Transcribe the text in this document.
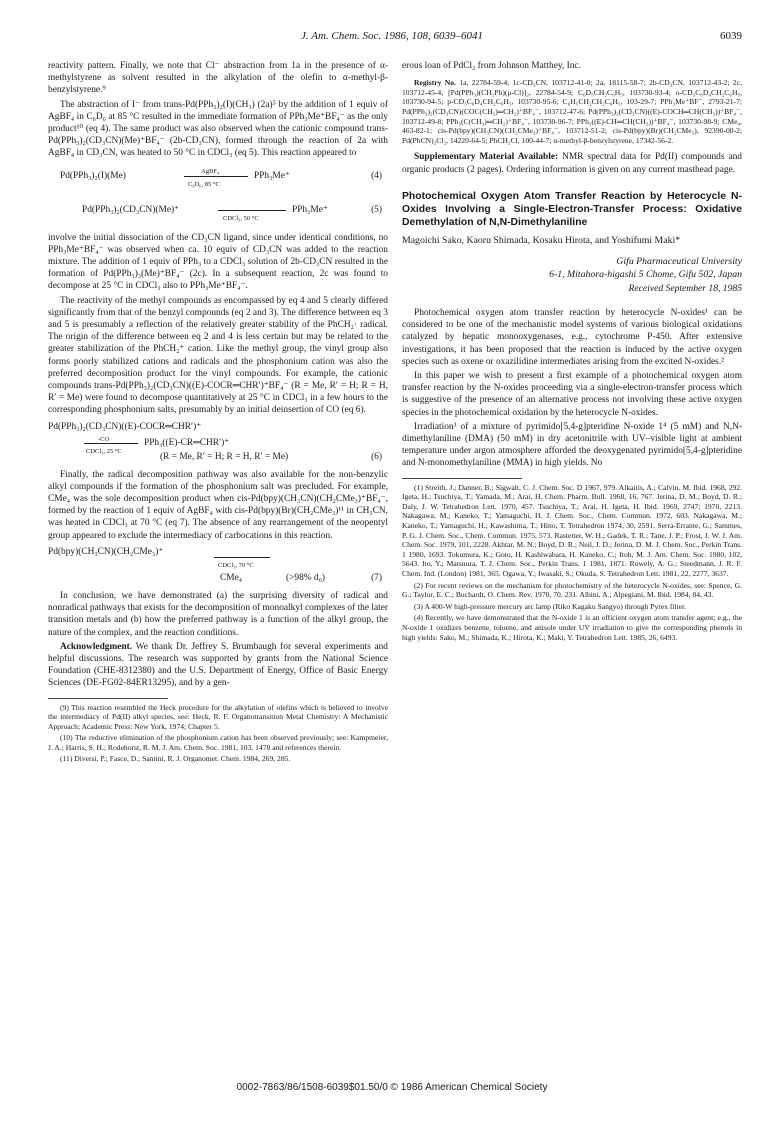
J. Am. Chem. Soc. 1986, 108, 6039–6041	6039

reactivity pattern. Finally, we note that Cl⁻ abstraction from 1a in the presence of α-methylstyrene as solvent resulted in the alkylation of the olefin to α-methyl-β-benzylstyrene.⁹

The abstraction of I⁻ from trans-Pd(PPh₃)₂(I)(CH₃) (2a)⁵ by the addition of 1 equiv of AgBF₄ in C₆D₆ at 85 °C resulted in the immediate formation of PPh₃Me⁺BF₄⁻ as the only product¹⁰ (eq 4). The same product was also observed when the cationic compound trans-Pd(PPh₃)₂(CD₃CN)(Me)⁺BF₄⁻ (2b-CD₃CN), formed through the reaction of 2a with AgBF₄ in CD₃CN, was heated to 50 °C in CDCl₃ (eq 5). This reaction appeared to

Pd(PPh₃)₂(I)(Me)	AgBF₄
C₆D₆, 85 °C
PPh₃Me⁺	(4)
Pd(PPh₃)₂(CD₃CN)(Me)⁺
CDCl₃, 50 °C
PPh₃Me⁺	(5)

involve the initial dissociation of the CD₃CN ligand, since under identical conditions, no PPh₃Me⁺BF₄⁻ was observed when ca. 10 equiv of CD₃CN was added to the reaction mixture. The addition of 1 equiv of PPh₃ to a CDCl₃ solution of 2b-CD₃CN resulted in the formation of Pd(PPh₃)₃(Me)⁺BF₄⁻ (2c). In a subsequent reaction, 2c was found to decompose at 25 °C in CDCl₃ also to PPh₃Me⁺BF₄⁻.

The reactivity of the methyl compounds as encompassed by eq 4 and 5 clearly differed significantly from that of the benzyl compounds (eq 2 and 3). The difference between eq 3 and 5 is presumably a reflection of the relatively greater stability of the PhCH₂· radical. The origin of the difference between eq 2 and 4 is less certain but may be related to the greater stabilization of the PhCH₂⁺ cation. Like the methyl group, the vinyl group also forms poorly stabilized cations and radicals and the phosphonium cation was also the preferred decomposition product for the vinyl compounds. For example, the cationic compounds trans-Pd(PPh₃)₂(CD₃CN)((E)-COCR═CHR′)⁺BF₄⁻ (R = Me, R′ = H; R = H, R′ = Me) were found to decompose quantitatively at 25 °C in CDCl₃ in a few hours to the corresponding phosphonium salts, presumably by an initial deinsertion of CO (eq 6).

Pd(PPh₃)₂(CD₃CN)((E)-COCR═CHR′)⁺
-CO
CDCl₃, 25 °C
PPh₃((E)-CR═CHR′)⁺
(R = Me, R′ = H; R = H, R′ = Me)	(6)

Finally, the radical decomposition pathway was also available for the non-benzylic alkyl compounds if the formation of the phosphonium salt was precluded. For example, CMe₄ was the sole decomposition product when cis-Pd(bpy)(CH₃CN)(CH₂CMe₃)⁺BF₄⁻, formed by the reaction of 1 equiv of AgBF₄ with cis-Pd(bpy)(Br)(CH₂CMe₃)¹¹ in CH₃CN, was heated in CDCl₃ at 70 °C (eq 7). The absence of any rearrangement of the neopentyl group appeared to exclude the intermediacy of carbocations in this reaction.

Pd(bpy)(CH₃CN)(CH₂CMe₃)⁺
CDCl₃, 70 °C
CMe₄	(>98% d₀)	(7)

In conclusion, we have demonstrated (a) the surprising diversity of radical and nonradical pathways that exists for the decomposition of monoalkyl complexes of the later transition metals and (b) how the preferred pathway is a function of the alkyl group, the nature of the complex, and the reaction conditions.

Acknowledgment. We thank Dr. Jeffrey S. Brumbaugh for several experiments and helpful discussions. The research was supported by grants from the National Science Foundation (CHE-8312380) and the U.S. Department of Energy, Office of Basic Energy Sciences (DE-FG02-84ER13295), and by a gen-

(9) This reaction resembled the Heck procedure for the alkylation of olefins which is believed to involve the intermediacy of Pd(II) alkyl species, see: Heck, R. F. Organotransition Metal Chemistry: A Mechanistic Approach; Academic Press: New York, 1974; Chapter 5.

(10) The reductive elimination of the phosphonium cation has been observed previously; see: Kampmeier, J. A.; Harris, S. H.; Rodehorst, R. M. J. Am. Chem. Soc. 1981, 103, 1478 and references therein.

(11) Diversi, P.; Fasce, D.; Santini, R. J. Organomet. Chem. 1984, 269, 285.

erous loan of PdCl₂ from Johnson Matthey, Inc.

Registry No. 1a, 22784-59-4; 1c-CD₃CN, 103712-41-0; 2a, 18115-58-7; 2b-CD₃CN, 103712-43-2; 2c, 103712-45-4; [Pd(PPh₃)(CH₂Ph)(μ-Cl)]₂, 22784-54-9; C₆D₅CH₂C₆H₅, 103730-93-4; o-CD₃C₆D₄CH₂C₆H₅, 103730-94-5; p-CD₃C₆D₄CH₂C₆H₅, 103730-95-6; C₆H₅CH₂CH₂C₆H₅, 103-29-7; PPh₃Me⁺BF⁻, 2793-21-7; Pd(PPh₃)₂(CD₃CN)(COC(CH₃)═CH₂)⁺BF₄⁻, 103712-47-6; Pd(PPh₃)₂(CD₃CN)((E)-COCH═CH(CH₃))⁺BF₄⁻, 103712-49-8; PPh₃(C(CH₃)═CH₂)⁺BF₄⁻, 103730-96-7; PPh₃((E)-CH═CH(CH₃))⁺BF₄⁻, 103730-98-9; CMe₄, 463-82-1; cis-Pd(bpy)(CH₃CN)(CH₂CMe₃)⁺BF₄⁻, 103712-51-2; cis-Pd(bpy)(Br)(CH₂CMe₃), 92390-00-2; Pd(PhCN)₂Cl₂, 14220-64-5; PhCH₂Cl, 100-44-7; α-methyl-β-benzylstyrene, 17342-56-2.

Supplementary Material Available: NMR spectral data for Pd(II) compounds and organic products (2 pages). Ordering information is given on any current masthead page.

Photochemical Oxygen Atom Transfer Reaction by Heterocycle N-Oxides Involving a Single-Electron-Transfer Process: Oxidative Demethylation of N,N-Dimethylaniline
Magoichi Sako, Kaoru Shimada, Kosaku Hirota, and Yoshifumi Maki*
Gifu Pharmaceutical University
6-1, Mitahora-higashi 5 Chome, Gifu 502, Japan
Received September 18, 1985

Photochemical oxygen atom transfer reaction by heterocycle N-oxides¹ can be considered to be one of the mechanistic model systems of various biological oxidations catalyzed by hepatic monooxygenases, e.g., cytochrome P-450. After extensive investigations, it has been proposed that the reaction is induced by the active oxygen species such as oxene or oxazilidine intermediates arising from the excited N-oxides.²

In this paper we wish to present a first example of a photochemical oxygen atom transfer reaction by the N-oxides proceeding via a single-electron-transfer process which is suggestive of the presence of an alternative process not involving these active oxygen species in the photochemical oxidation by the heterocycle N-oxides.

Irradiation³ of a mixture of pyrimido[5,4-g]pteridine N-oxide 1⁴ (5 mM) and N,N-dimethylaniline (DMA) (50 mM) in dry acetonitrile with UV–visible light at ambient temperature under argon atmosphere afforded the deoxygenated pyrimido[5,4-g]pteridine and N-monomethylaniline (MMA) in high yields. No

(1) Streith, J.; Danner, B.; Sigwalt, C. J. Chem. Soc. D 1967, 979. Alkaitis, A.; Calvin, M. Ibid. 1968, 292. Igeta, H.; Tsuchiya, T.; Yamada, M.; Arai, H. Chem. Pharm. Bull. 1968, 16, 767. Jerina, D. M.; Boyd, D. R.; Daly, J. W. Tetrahedron Lett. 1970, 457. Tsuchiya, T.; Arai, H. Igeta, H. Ibid. 1969, 2747; 1970, 2213. Nakagawa, M.; Kaneko, T.; Yamaguchi, H. J. Chem. Soc., Chem. Commun. 1972, 603. Nakagawa, M.; Kaneko, T.; Yamaguchi, H.; Kawashima, T.; Hino, T. Tetrahedron 1974, 30, 2591. Serra-Errante, G.; Sammes, P. G. J. Chem. Soc., Chem. Commun. 1975, 573. Rastetter, W. H.; Gadek, T. R.; Tane, J. P.; Frost, J. W. J. Am. Chem. Soc. 1979, 101, 2228. Akhtar, M. N.; Boyd, D. R.; Neil, J. D.; Jerina, D. M. J. Chem. Soc., Perkin Trans. 1 1980, 1693. Tokumura, K.; Goto, H. Kashiwabara, H. Kaneko, C.; Itoh, M. J. Am. Chem. Soc. 1980, 102, 5643. Ito, Y.; Matsuura, T. J. Chem. Soc., Perkin Trans. 1 1981, 1871. Rowely, A. G.; Steedmann, J. R. F. Chem. Ind. (London) 1981, 365. Ogawa, Y.; Iwasaki, S.; Okuda, S. Tetrahedron Lett. 1981, 22, 2277, 3637.

(2) For recent reviews on the mechanism for photochemistry of the heterocycle N-oxides, see: Spence, G. G.; Taylor, E. C.; Buchardt, O. Chem. Rev. 1970, 70, 231. Albini, A.; Alpegiani, M. Ibid. 1984, 84, 43.

(3) A 400-W high-pressure mercury arc lamp (Riko Kagaku Sangyo) through Pyrex filter.

(4) Recently, we have demonstrated that the N-oxide 1 is an efficient oxygen atom transfer agent; e.g., the N-oxide 1 oxidizes benzene, toluene, and anisole under UV irradiation to give the corresponding phenols in high yields: Sako, M.; Shimada, K.; Hirota, K.; Maki, Y. Tetrahedron Lett. 1985, 26, 6493.

0002-7863/86/1508-6039$01.50/0 © 1986 American Chemical Society
